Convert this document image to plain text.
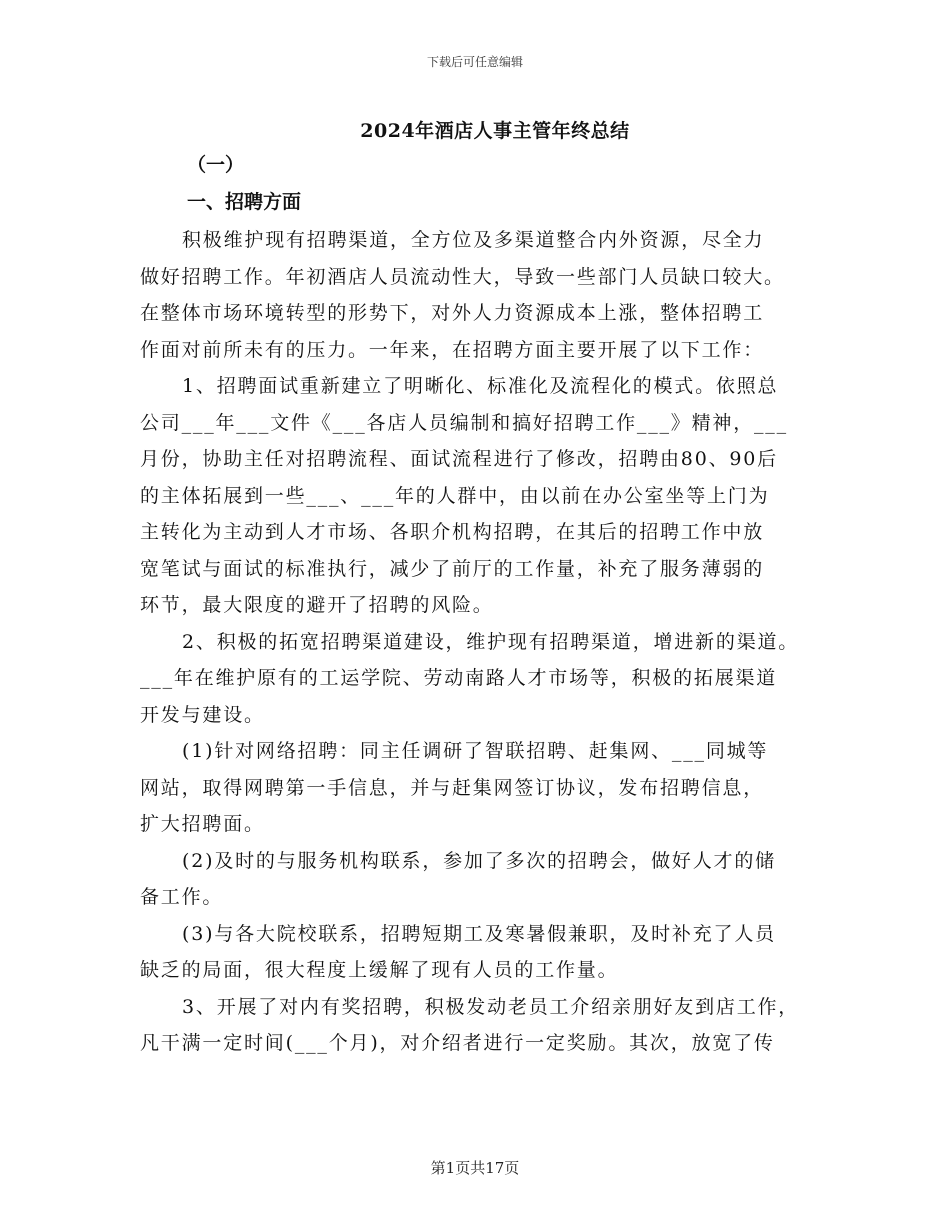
下载后可任意编辑
2024年酒店人事主管年终总结
（一）
一、招聘方面
积极维护现有招聘渠道，全方位及多渠道整合内外资源，尽全力
做好招聘工作。年初酒店人员流动性大，导致一些部门人员缺口较大。
在整体市场环境转型的形势下，对外人力资源成本上涨，整体招聘工
作面对前所未有的压力。一年来，在招聘方面主要开展了以下工作：
1、招聘面试重新建立了明晰化、标准化及流程化的模式。依照总
公司___年___文件《___各店人员编制和搞好招聘工作___》精神，___
月份，协助主任对招聘流程、面试流程进行了修改，招聘由80、90后
的主体拓展到一些___、___年的人群中，由以前在办公室坐等上门为
主转化为主动到人才市场、各职介机构招聘，在其后的招聘工作中放
宽笔试与面试的标准执行，减少了前厅的工作量，补充了服务薄弱的
环节，最大限度的避开了招聘的风险。
2、积极的拓宽招聘渠道建设，维护现有招聘渠道，增进新的渠道。
___年在维护原有的工运学院、劳动南路人才市场等，积极的拓展渠道
开发与建设。
(1)针对网络招聘：同主任调研了智联招聘、赶集网、___同城等
网站，取得网聘第一手信息，并与赶集网签订协议，发布招聘信息，
扩大招聘面。
(2)及时的与服务机构联系，参加了多次的招聘会，做好人才的储
备工作。
(3)与各大院校联系，招聘短期工及寒暑假兼职，及时补充了人员
缺乏的局面，很大程度上缓解了现有人员的工作量。
3、开展了对内有奖招聘，积极发动老员工介绍亲朋好友到店工作，
凡干满一定时间(___个月)，对介绍者进行一定奖励。其次，放宽了传
第1页共17页
